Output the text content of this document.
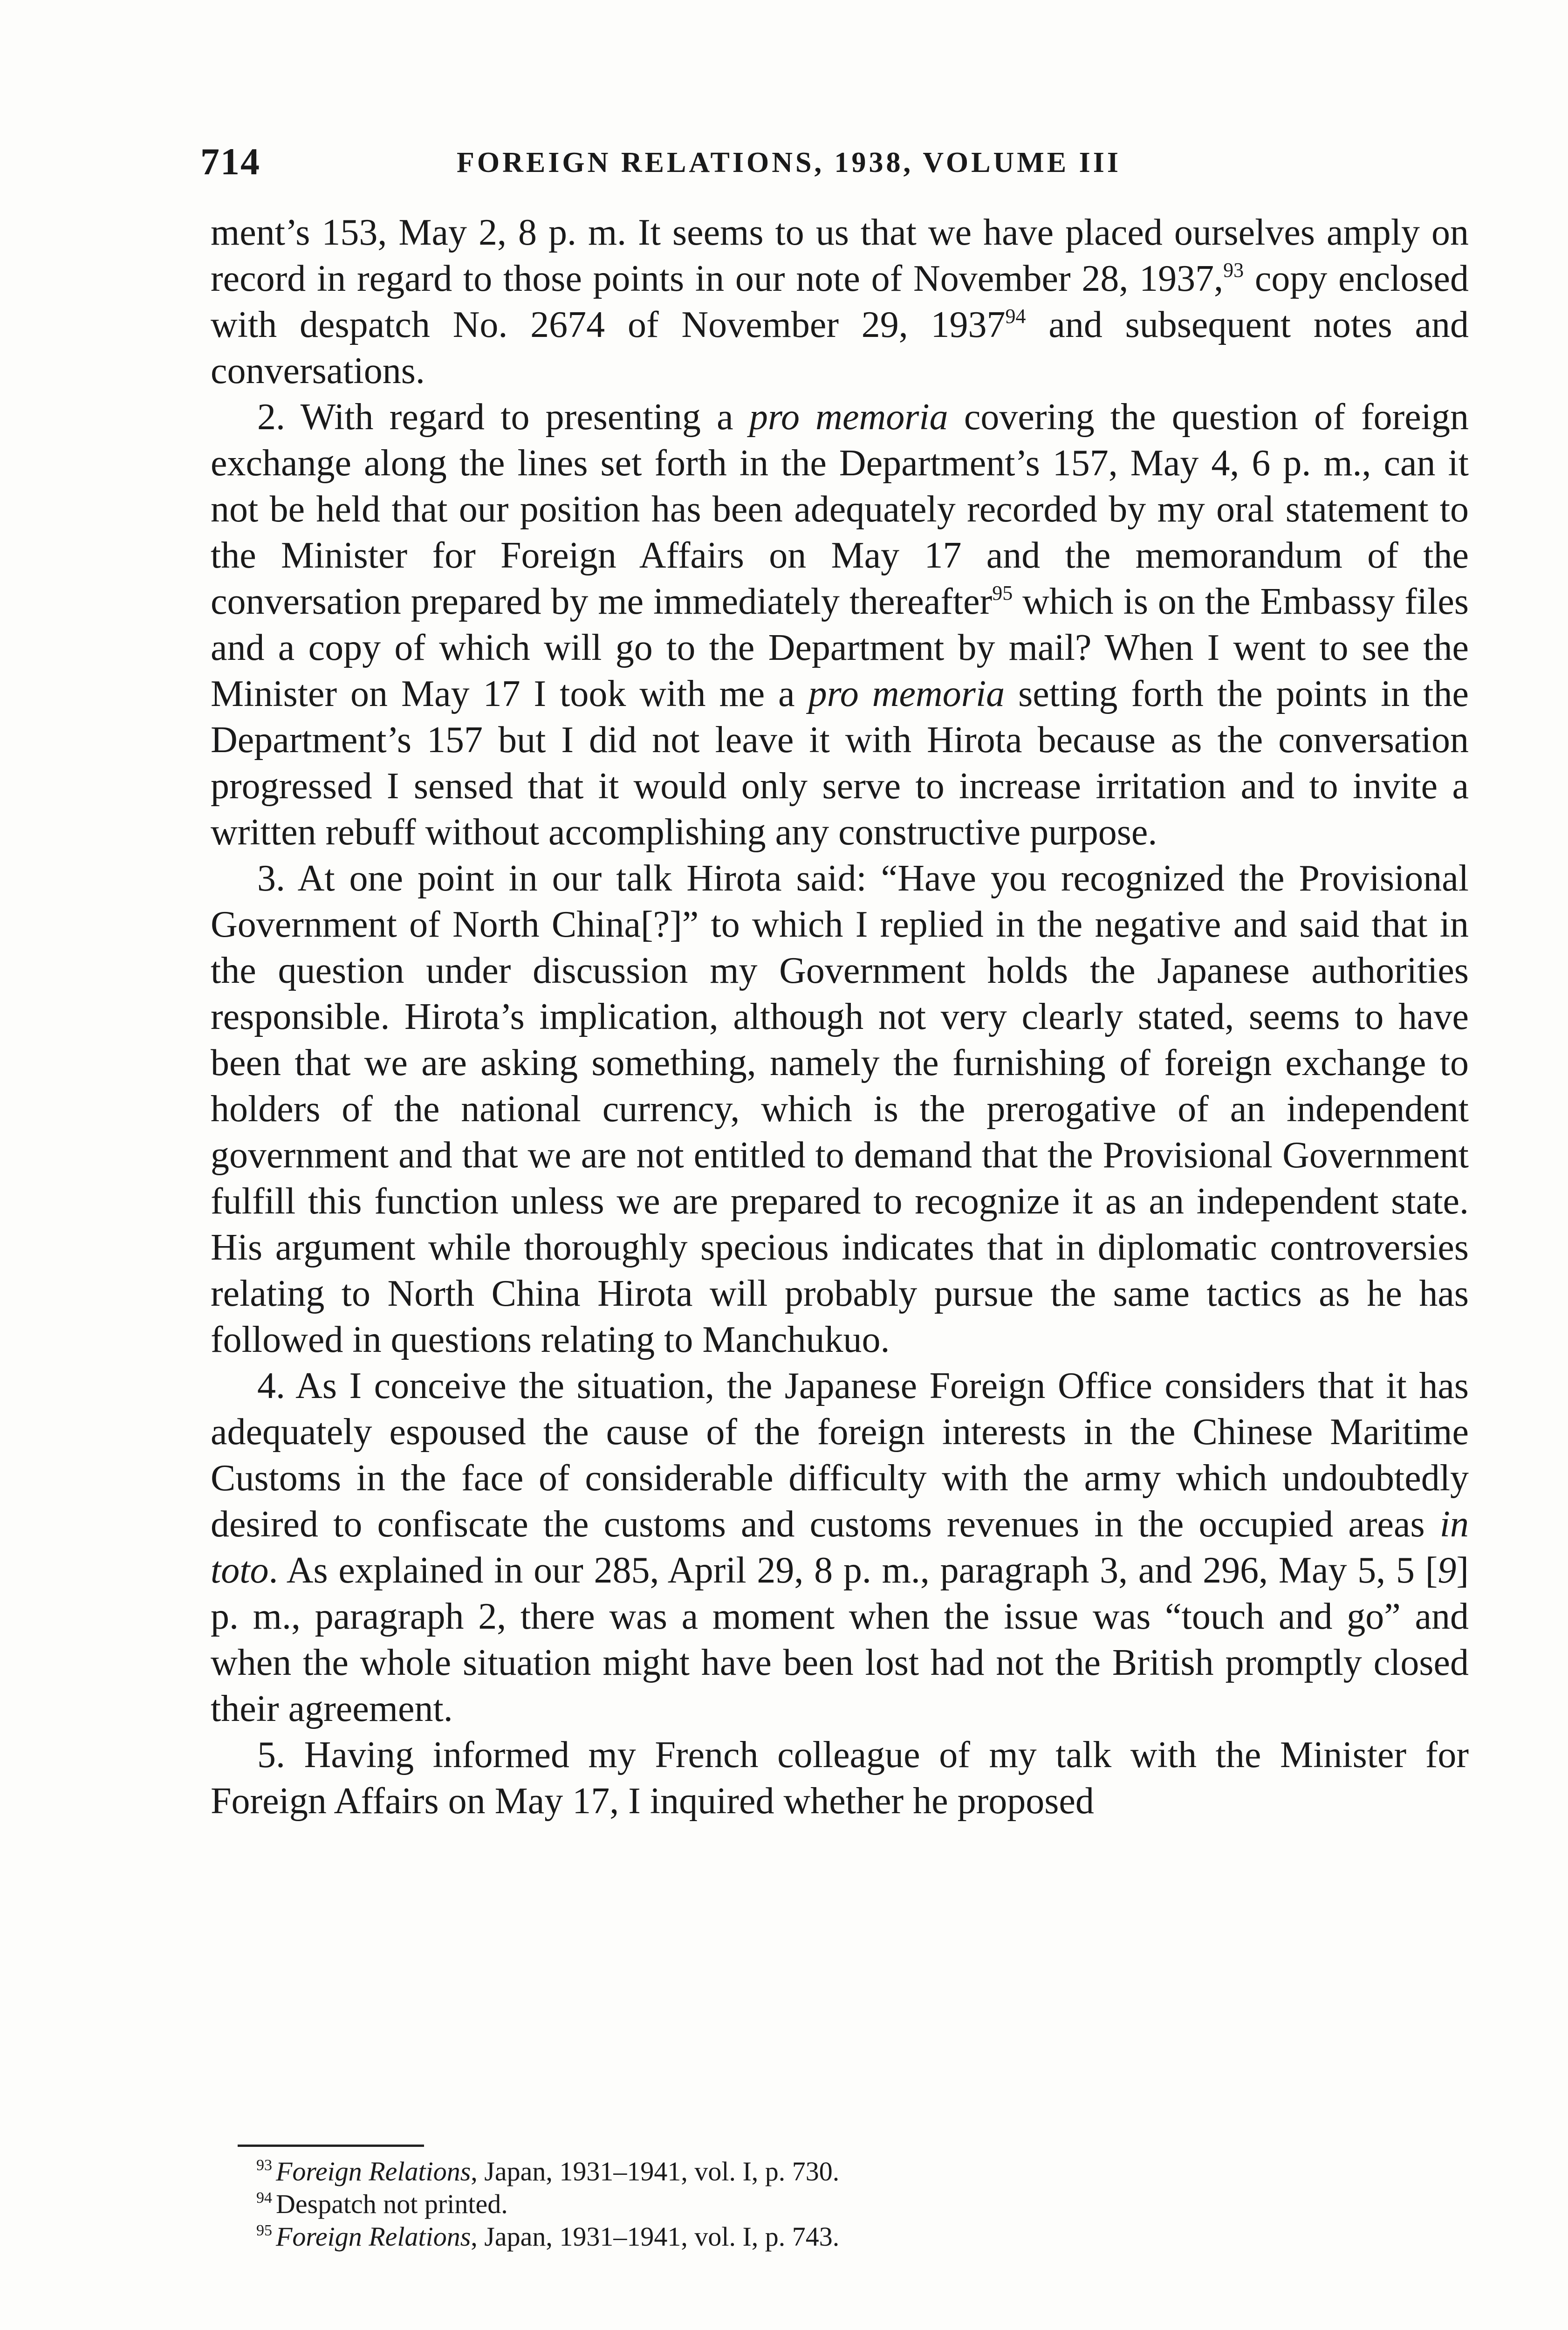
714	FOREIGN RELATIONS, 1938, VOLUME III

ment’s 153, May 2, 8 p. m. It seems to us that we have placed ourselves amply on record in regard to those points in our note of November 28, 1937,93 copy enclosed with despatch No. 2674 of November 29, 1937$^{94}$ and subsequent notes and conversations.

2. With regard to presenting a pro memoria covering the question of foreign exchange along the lines set forth in the Department’s 157, May 4, 6 p. m., can it not be held that our position has been adequately recorded by my oral statement to the Minister for Foreign Affairs on May 17 and the memorandum of the conversation prepared by me immediately thereafter$^{95}$ which is on the Embassy files and a copy of which will go to the Department by mail? When I went to see the Minister on May 17 I took with me a pro memoria setting forth the points in the Department’s 157 but I did not leave it with Hirota because as the conversation progressed I sensed that it would only serve to increase irritation and to invite a written rebuff without accomplishing any constructive purpose.

3. At one point in our talk Hirota said: “Have you recognized the Provisional Government of North China[?]” to which I replied in the negative and said that in the question under discussion my Government holds the Japanese authorities responsible. Hirota’s implication, although not very clearly stated, seems to have been that we are asking something, namely the furnishing of foreign exchange to holders of the national currency, which is the prerogative of an independent government and that we are not entitled to demand that the Provisional Government fulfill this function unless we are prepared to recognize it as an independent state. His argument while thoroughly specious indicates that in diplomatic controversies relating to North China Hirota will probably pursue the same tactics as he has followed in questions relating to Manchukuo.

4. As I conceive the situation, the Japanese Foreign Office considers that it has adequately espoused the cause of the foreign interests in the Chinese Maritime Customs in the face of considerable difficulty with the army which undoubtedly desired to confiscate the customs and customs revenues in the occupied areas in toto. As explained in our 285, April 29, 8 p. m., paragraph 3, and 296, May 5, 5 [9] p. m., paragraph 2, there was a moment when the issue was “touch and go” and when the whole situation might have been lost had not the British promptly closed their agreement.

5. Having informed my French colleague of my talk with the Minister for Foreign Affairs on May 17, I inquired whether he proposed

$^{93}$ Foreign Relations, Japan, 1931–1941, vol. I, p. 730.

$^{94}$ Despatch not printed.

$^{95}$ Foreign Relations, Japan, 1931–1941, vol. I, p. 743.
